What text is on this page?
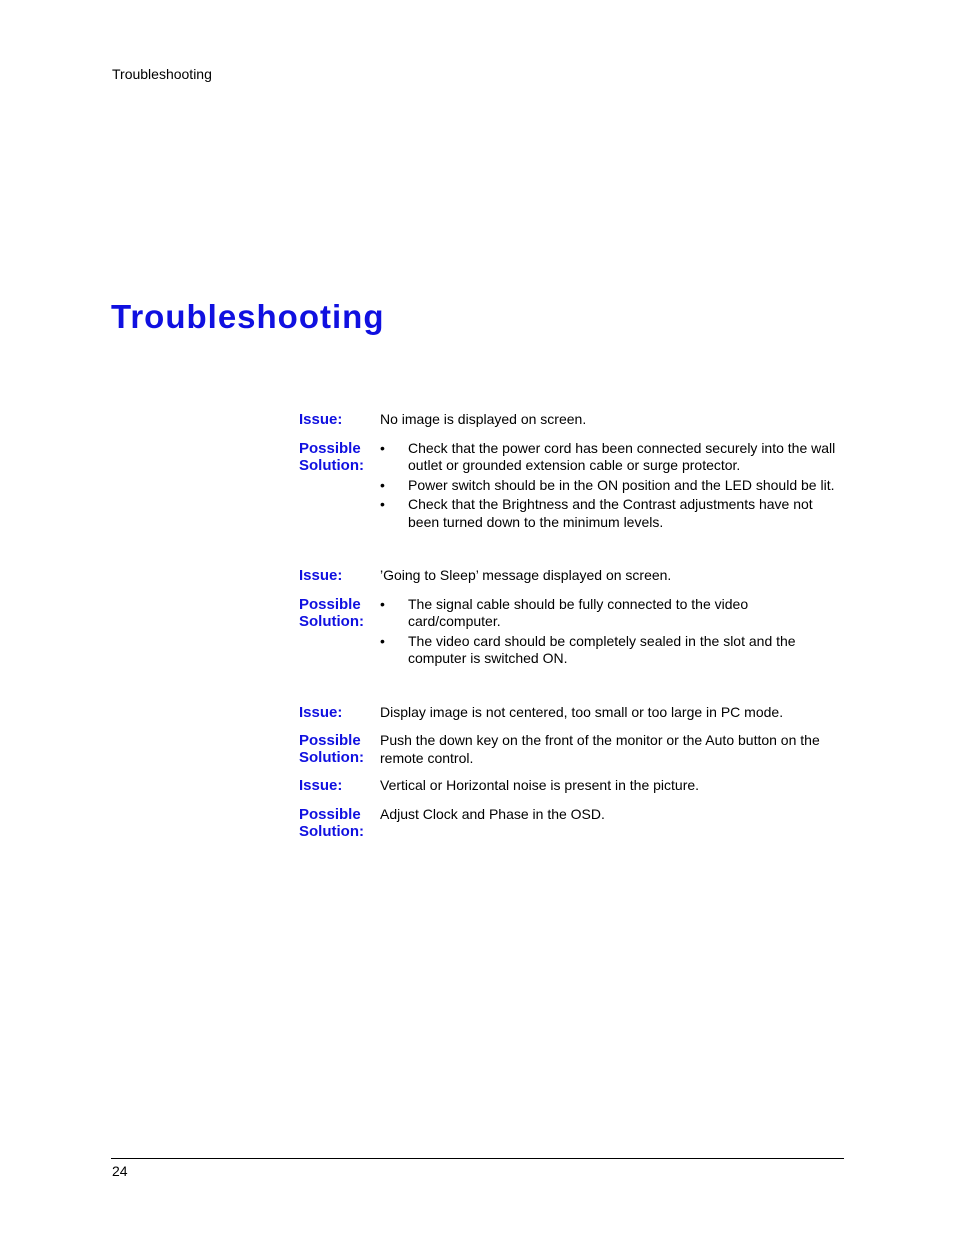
Troubleshooting
Troubleshooting
Issue:	No image is displayed on screen.
Possible
Solution:
• Check that the power cord has been connected securely into the wall outlet or grounded extension cable or surge protector.
• Power switch should be in the ON position and the LED should be lit.
• Check that the Brightness and the Contrast adjustments have not been turned down to the minimum levels.
Issue:	’Going to Sleep’ message displayed on screen.
Possible
Solution:
• The signal cable should be fully connected to the video card/computer.
• The video card should be completely sealed in the slot and the computer is switched ON.
Issue:	Display image is not centered, too small or too large in PC mode.
Possible
Solution:
Push the down key on the front of the monitor or the Auto button on the remote control.
Issue:	Vertical or Horizontal noise is present in the picture.
Possible
Solution:
Adjust Clock and Phase in the OSD.
24
